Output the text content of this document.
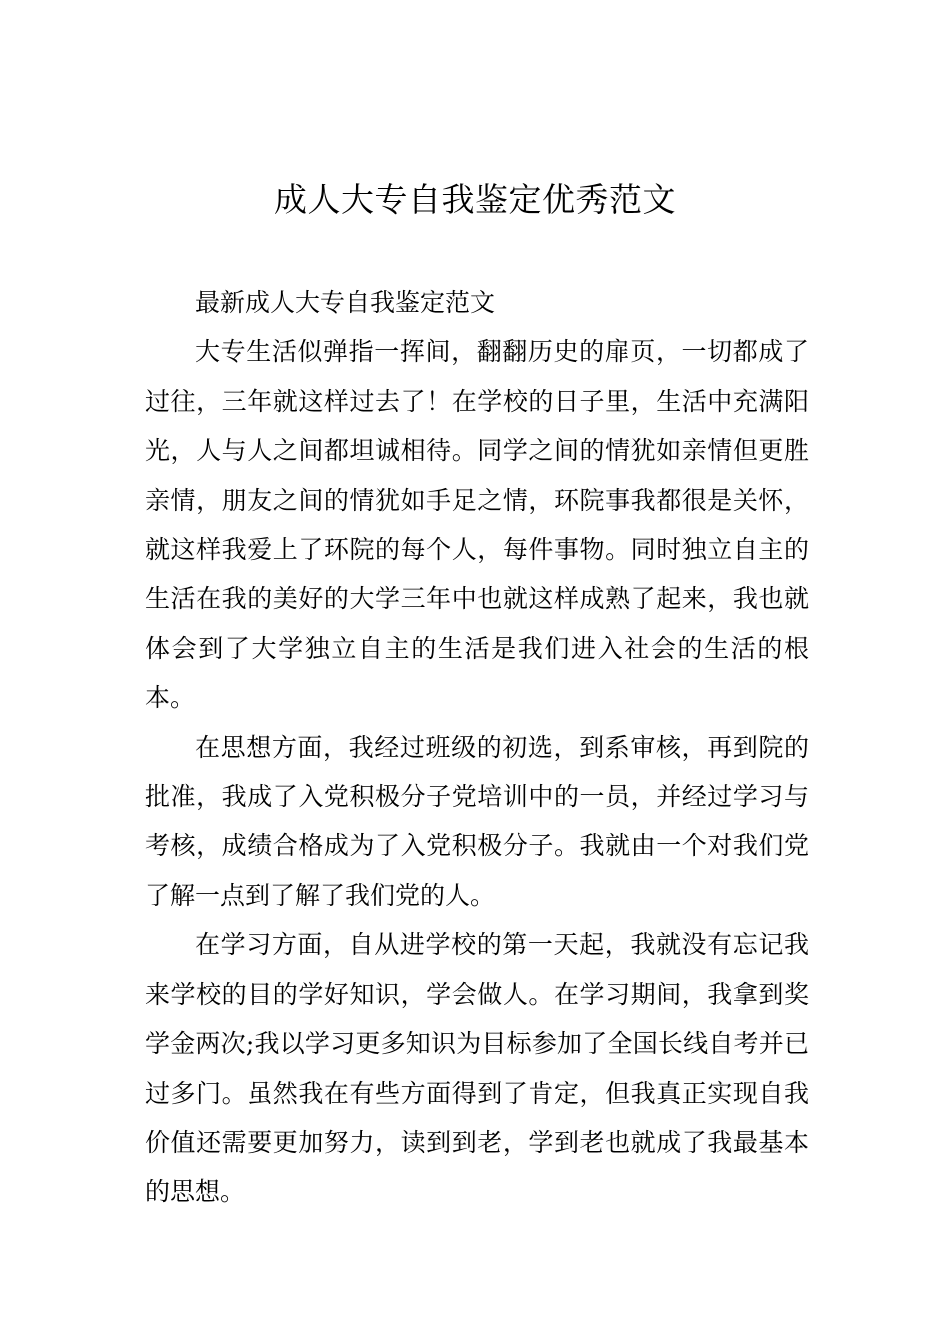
成人大专自我鉴定优秀范文

最新成人大专自我鉴定范文

大专生活似弹指一挥间，翻翻历史的扉页，一切都成了过往，三年就这样过去了！在学校的日子里，生活中充满阳光，人与人之间都坦诚相待。同学之间的情犹如亲情但更胜亲情，朋友之间的情犹如手足之情，环院事我都很是关怀，就这样我爱上了环院的每个人，每件事物。同时独立自主的生活在我的美好的大学三年中也就这样成熟了起来，我也就体会到了大学独立自主的生活是我们进入社会的生活的根本。

在思想方面，我经过班级的初选，到系审核，再到院的批准，我成了入党积极分子党培训中的一员，并经过学习与考核，成绩合格成为了入党积极分子。我就由一个对我们党了解一点到了解了我们党的人。

在学习方面，自从进学校的第一天起，我就没有忘记我来学校的目的学好知识，学会做人。在学习期间，我拿到奖学金两次;我以学习更多知识为目标参加了全国长线自考并已过多门。虽然我在有些方面得到了肯定，但我真正实现自我价值还需要更加努力，读到到老，学到老也就成了我最基本的思想。
